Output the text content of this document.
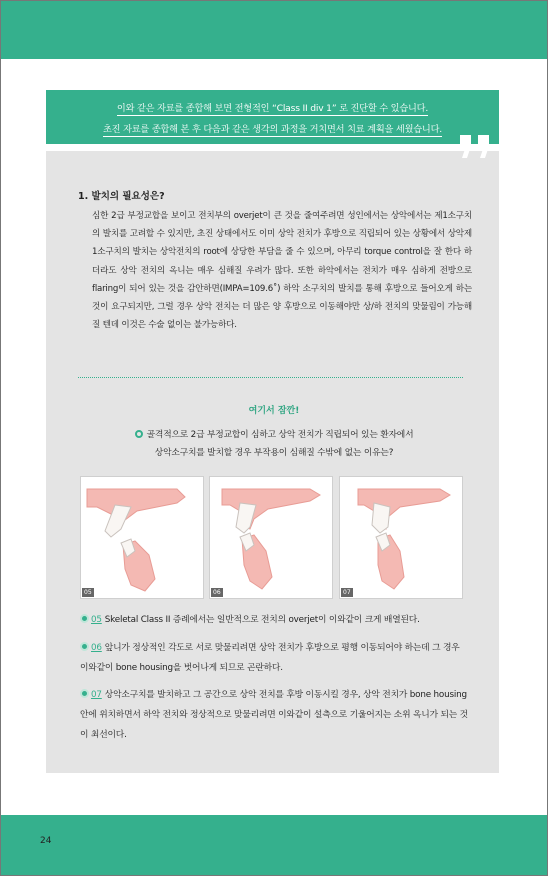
이와 같은 자료를 종합해 보면 전형적인 “Class II div 1” 로 진단할 수 있습니다.
초진 자료를 종합해 본 후 다음과 같은 생각의 과정을 거치면서 치료 계획을 세웠습니다.
1. 발치의 필요성은?
심한 2급 부정교합을 보이고 전치부의 overjet이 큰 것을 줄여주려면 성인에서는 상악에서는 제1소구치의 발치를 고려할 수 있지만, 초진 상태에서도 이미 상악 전치가 후방으로 직립되어 있는 상황에서 상악제1소구치의 발치는 상악전치의 root에 상당한 부담을 줄 수 있으며, 아무리 torque control을 잘 한다 하더라도 상악 전치의 옥니는 매우 심해질 우려가 많다. 또한 하악에서는 전치가 매우 심하게 전방으로 flaring이 되어 있는 것을 감안하면(IMPA=109.6˚) 하악 소구치의 발치를 통해 후방으로 들어오게 하는 것이 요구되지만, 그럴 경우 상악 전치는 더 많은 양 후방으로 이동해야만 상/하 전치의 맞물림이 가능해질 텐데 이것은 수술 없이는 불가능하다.
여기서 잠깐!
골격적으로 2급 부정교합이 심하고 상악 전치가 직립되어 있는 환자에서
상악소구치를 발치할 경우 부작용이 심해질 수밖에 없는 이유는?
05	06	07
05 Skeletal Class II 증례에서는 일반적으로 전치의 overjet이 이와같이 크게 배열된다.
06 앞니가 정상적인 각도로 서로 맞물리려면 상악 전치가 후방으로 평행 이동되어야 하는데 그 경우 이와같이 bone housing을 벗어나게 되므로 곤란하다.
07 상악소구치를 발치하고 그 공간으로 상악 전치를 후방 이동시킬 경우, 상악 전치가 bone housing 안에 위치하면서 하악 전치와 정상적으로 맞물리려면 이와같이 설측으로 기울어지는 소위 옥니가 되는 것이 최선이다.
24
